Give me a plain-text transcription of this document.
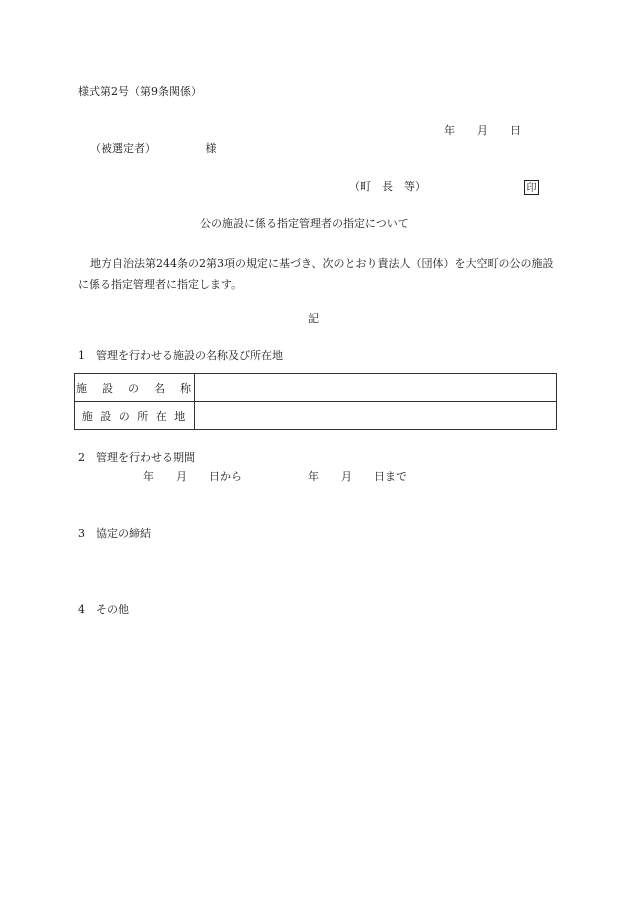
様式第2号（第9条関係）
年　　月　　日
（被選定者）　　　　　様
（町　長　等）	印
公の施設に係る指定管理者の指定について
地方自治法第244条の2第3項の規定に基づき、次のとおり貴法人（団体）を大空町の公の施設に係る指定管理者に指定します。
記
1　管理を行わせる施設の名称及び所在地
施　設　の　名　称	
施 設 の 所 在 地	
2　管理を行わせる期間
年　　月　　日から　　　　　　年　　月　　日まで
3　協定の締結
4　その他
